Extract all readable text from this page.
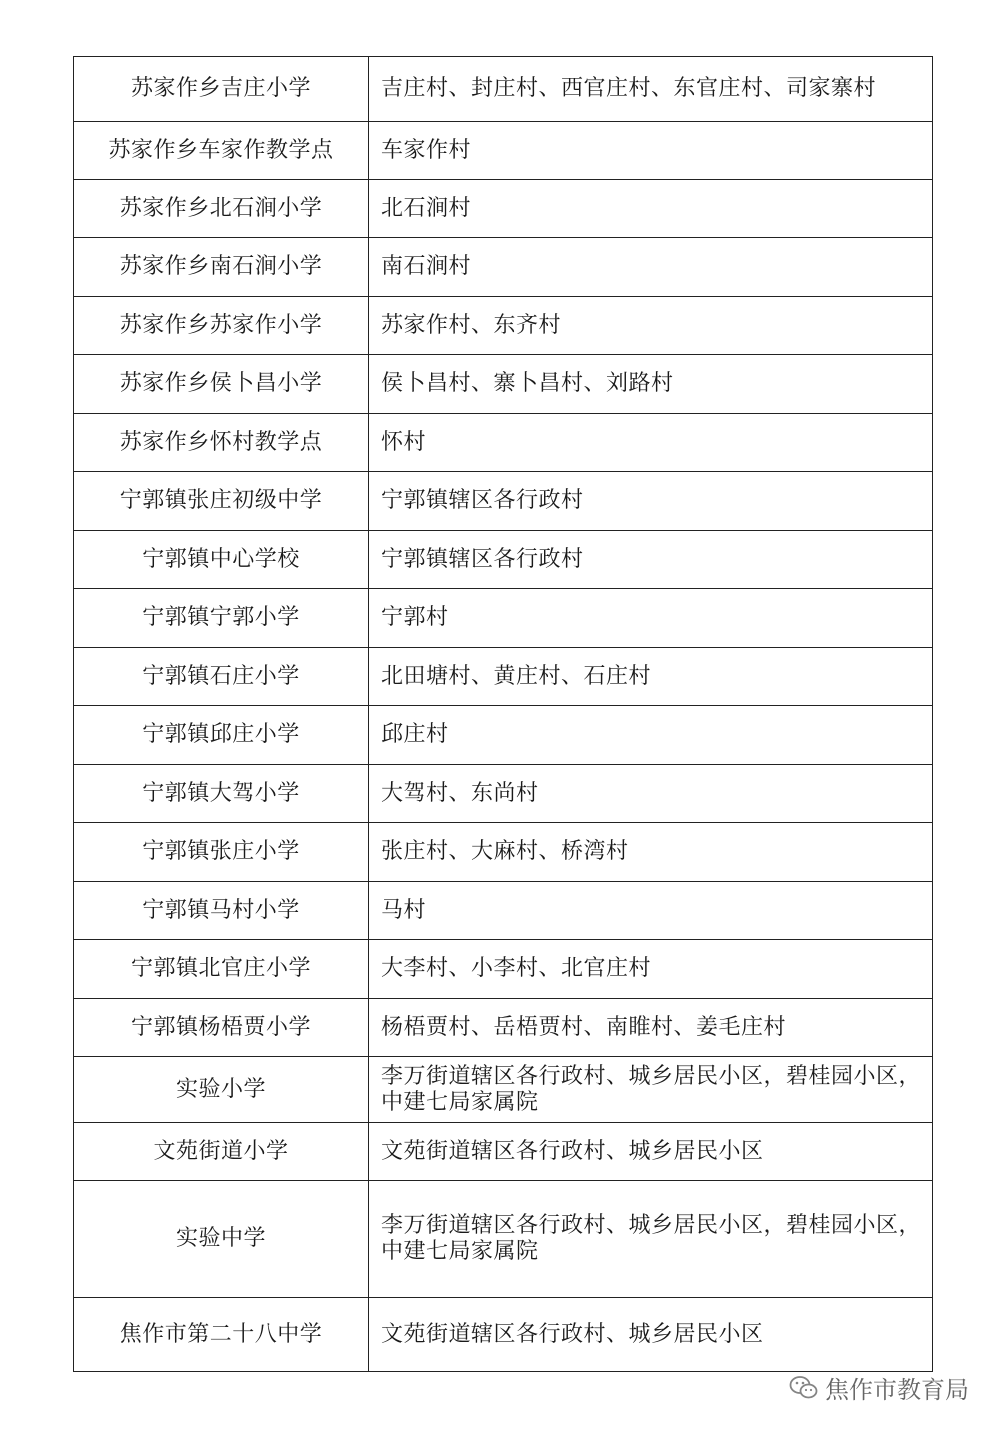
苏家作乡吉庄小学	吉庄村、封庄村、西官庄村、东官庄村、司家寨村
苏家作乡车家作教学点	车家作村
苏家作乡北石涧小学	北石涧村
苏家作乡南石涧小学	南石涧村
苏家作乡苏家作小学	苏家作村、东齐村
苏家作乡侯卜昌小学	侯卜昌村、寨卜昌村、刘路村
苏家作乡怀村教学点	怀村
宁郭镇张庄初级中学	宁郭镇辖区各行政村
宁郭镇中心学校	宁郭镇辖区各行政村
宁郭镇宁郭小学	宁郭村
宁郭镇石庄小学	北田塘村、黄庄村、石庄村
宁郭镇邱庄小学	邱庄村
宁郭镇大驾小学	大驾村、东尚村
宁郭镇张庄小学	张庄村、大麻村、桥湾村
宁郭镇马村小学	马村
宁郭镇北官庄小学	大李村、小李村、北官庄村
宁郭镇杨梧贾小学	杨梧贾村、岳梧贾村、南睢村、姜毛庄村
实验小学	李万街道辖区各行政村、城乡居民小区，碧桂园小区，中建七局家属院
文苑街道小学	文苑街道辖区各行政村、城乡居民小区
实验中学	李万街道辖区各行政村、城乡居民小区，碧桂园小区，中建七局家属院
焦作市第二十八中学	文苑街道辖区各行政村、城乡居民小区
焦作市教育局
